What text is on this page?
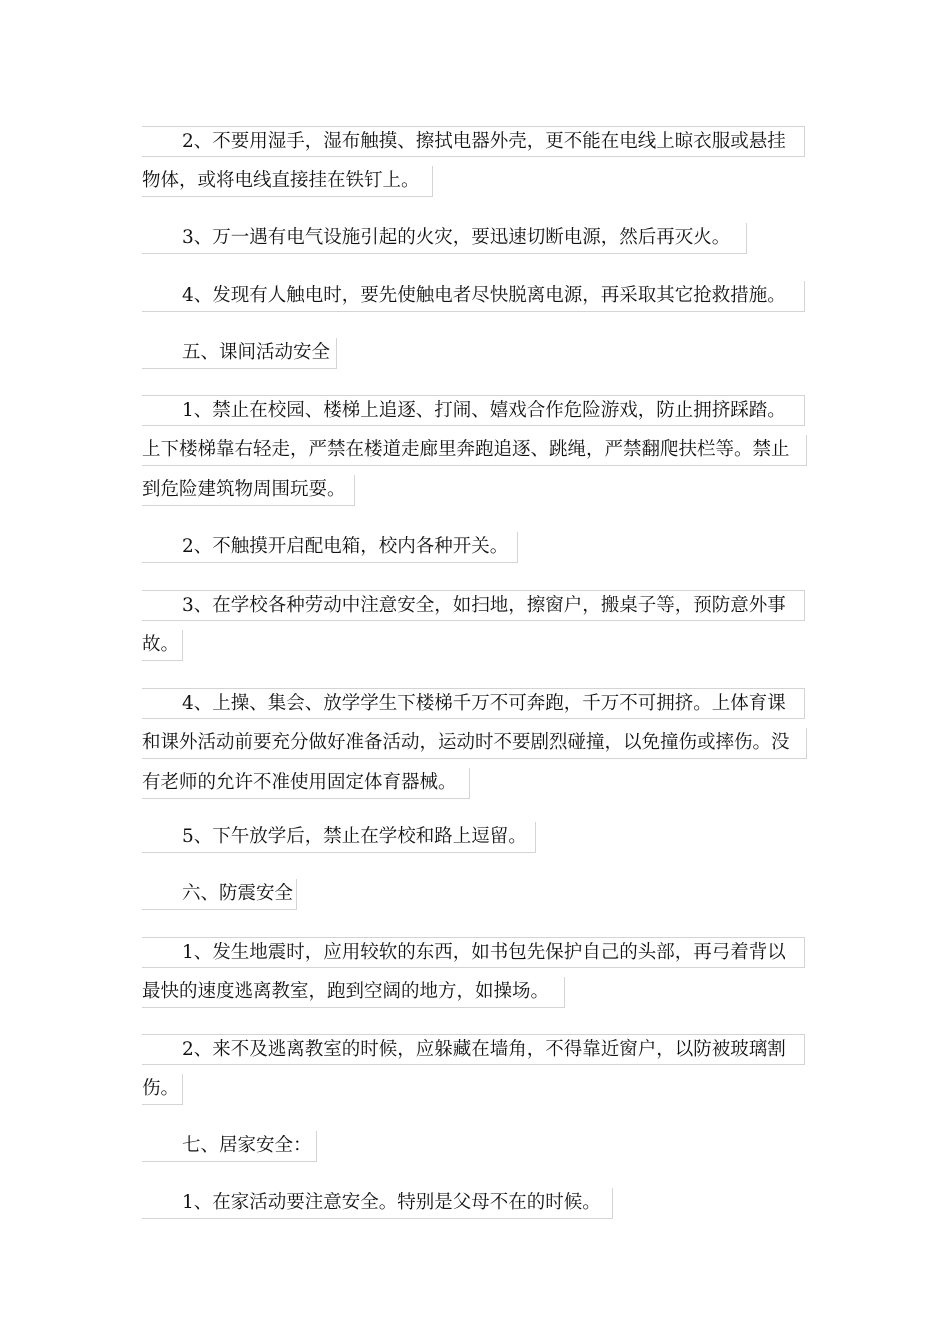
2、不要用湿手，湿布触摸、擦拭电器外壳，更不能在电线上晾衣服或悬挂
物体，或将电线直接挂在铁钉上。
3、万一遇有电气设施引起的火灾，要迅速切断电源，然后再灭火。
4、发现有人触电时，要先使触电者尽快脱离电源，再采取其它抢救措施。
五、课间活动安全
1、禁止在校园、楼梯上追逐、打闹、嬉戏合作危险游戏，防止拥挤踩踏。
上下楼梯靠右轻走，严禁在楼道走廊里奔跑追逐、跳绳，严禁翻爬扶栏等。禁止
到危险建筑物周围玩耍。
2、不触摸开启配电箱，校内各种开关。
3、在学校各种劳动中注意安全，如扫地，擦窗户，搬桌子等，预防意外事
故。
4、上操、集会、放学学生下楼梯千万不可奔跑，千万不可拥挤。上体育课
和课外活动前要充分做好准备活动，运动时不要剧烈碰撞，以免撞伤或摔伤。没
有老师的允许不准使用固定体育器械。
5、下午放学后，禁止在学校和路上逗留。
六、防震安全
1、发生地震时，应用较软的东西，如书包先保护自己的头部，再弓着背以
最快的速度逃离教室，跑到空阔的地方，如操场。
2、来不及逃离教室的时候，应躲藏在墙角，不得靠近窗户，以防被玻璃割
伤。
七、居家安全：
1、在家活动要注意安全。特别是父母不在的时候。
